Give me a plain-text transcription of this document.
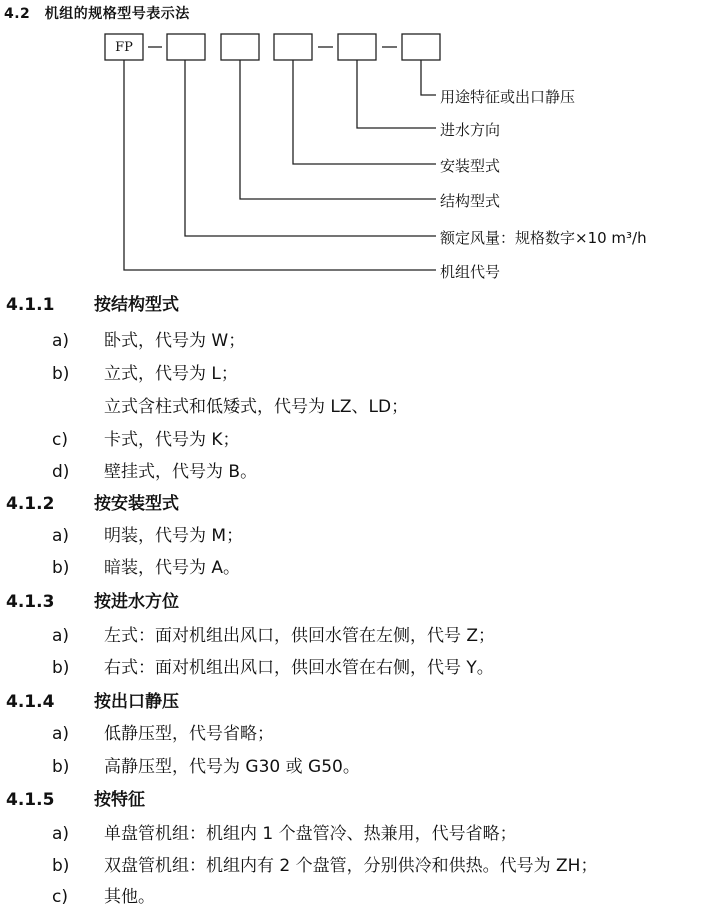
4.2　机组的规格型号表示法
FP
用途特征或出口静压
进水方向
安装型式
结构型式
额定风量：规格数字×10 m³/h
机组代号
4.1.1 按结构型式
a) 卧式，代号为 W；
b) 立式，代号为 L；
立式含柱式和低矮式，代号为 LZ、LD；
c) 卡式，代号为 K；
d) 壁挂式，代号为 B。
4.1.2 按安装型式
a) 明装，代号为 M；
b) 暗装，代号为 A。
4.1.3 按进水方位
a) 左式：面对机组出风口，供回水管在左侧，代号 Z；
b) 右式：面对机组出风口，供回水管在右侧，代号 Y。
4.1.4 按出口静压
a) 低静压型，代号省略；
b) 高静压型，代号为 G30 或 G50。
4.1.5 按特征
a) 单盘管机组：机组内 1 个盘管冷、热兼用，代号省略；
b) 双盘管机组：机组内有 2 个盘管，分别供冷和供热。代号为 ZH；
c) 其他。
